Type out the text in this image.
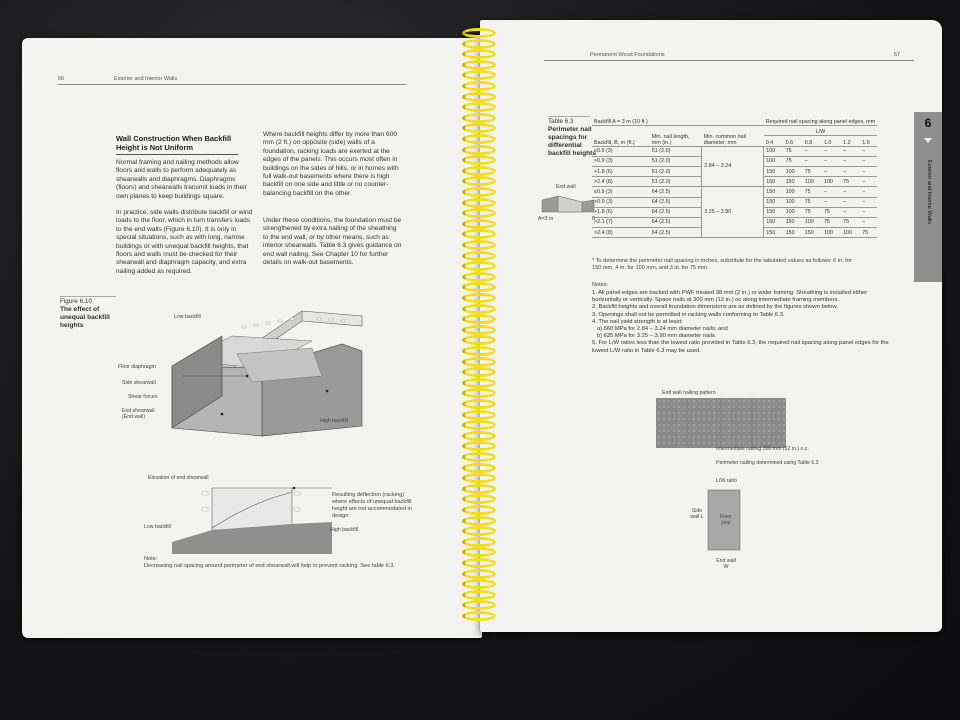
66	Exterior and Interior Walls
Wall Construction When Backfill Height is Not Uniform
Normal framing and nailing methods allow floors and walls to perform adequately as shearwalls and diaphragms. Diaphragms (floors) and shearwalls transmit loads in their own planes to keep buildings square.
In practice, side walls distribute backfill or wind loads to the floor, which in turn transfers loads to the end walls (Figure 6.10). It is only in special situations, such as with long, narrow buildings or with unequal backfill heights, that floors and walls must be checked for their shearwall and diaphragm capacity, and extra nailing added as required.
Where backfill heights differ by more than 600 mm (2 ft.) on opposite (side) walls of a foundation, racking loads are exerted at the edges of the panels. This occurs most often in buildings on the sides of hills, or in homes with full walk-out basements where there is high backfill on one side and little or no counter-balancing backfill on the other.
Under these conditions, the foundation must be strengthened by extra nailing of the sheathing to the end wall, or by other means, such as interior shearwalls. Table 6.3 gives guidance on end wall nailing. See Chapter 10 for further details on walk-out basements.
Figure 6.10
The effect of unequal backfill heights
Low backfill
Floor diaphragm
Side shearwall
Shear forces
End shearwall (End wall)
High backfill
Elevation of end shearwall
Low backfill	High backfill
Resulting deflection (racking) where effects of unequal backfill height are not accommodated in design
Note:
Decreasing nail spacing around perimeter of end shearwall will help to prevent racking. See table 6.3.
Permanent Wood Foundations	67
6
Exterior and Interior Walls
Table 6.3
Perimeter nail spacings for differential backfill heights
End wall
A=3 m	B
Backfill A = 3 m (10 ft.)			Required nail spacing along panel edges, mm					
Backfill, B, m (ft.)	Min. nail length, mm (in.)	Min. common nail diameter, mm	L/W					
			0.4	0.6	0.8	1.0	1.2	1.6
≤0.9 (3)	51 (2.0)	2.84 – 3.24	100	75	–	–	–	–
>0.9 (3)	51 (2.0)		100	75	–	–	–	–
>1.8 (6)	51 (2.0)		150	100	75	–	–	–
>2.4 (8)	51 (2.0)		150	150	100	100	75	–
≤0.9 (3)	64 (2.5)	3.25 – 3.90	150	100	75	–	–	–
>0.9 (3)	64 (2.5)		150	100	75	–	–	–
>1.8 (6)	64 (2.5)		150	100	75	75	–	–
>2.1 (7)	64 (2.5)		150	150	100	75	75	–
>2.4 (8)	64 (2.5)		150	150	150	100	100	75
* To determine the perimeter nail spacing in inches, substitute for the tabulated values as follows: 6 in. for 150 mm, 4 in. for 100 mm, and 3 in. for 75 mm.
Notes:
1. All panel edges are backed with PWF treated 38 mm (2 in.) or wider framing. Sheathing is installed either horizontally or vertically. Space nails at 300 mm (12 in.) oc along intermediate framing members.
2. Backfill heights and overall foundation dimensions are as defined by the figures shown below.
3. Openings shall not be permitted in racking walls conforming to Table 6.3.
4. The nail yield strength is at least:
a) 660 MPa for 2.84 – 3.24 mm diameter nails; and
b) 635 MPa for 3.25 – 3.90 mm diameter nails.
5. For L/W ratios less than the lowest ratio provided in Table 6.3, the required nail spacing along panel edges for the lowest L/W ratio in Table 6.3 may be used.
End wall nailing pattern
Intermediate nailing 300 mm (12 in.) o.c.
Perimeter nailing determined using Table 6.3
L/W ratio
Side wall L	Floor joist
End wall W
